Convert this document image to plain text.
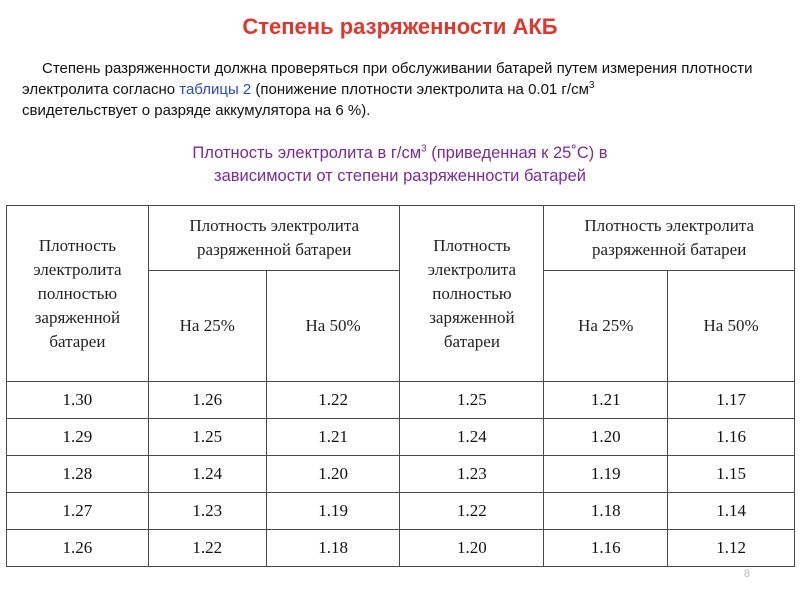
Степень разряженности АКБ
Степень разряженности должна проверяться при обслуживании батарей путем измерения плотности электролита согласно таблицы 2 (понижение плотности электролита на 0.01 $г/см^3$
свидетельствует о разряде аккумулятора на 6 %).
Плотность электролита в $г/см^3$ (приведенная к 25˚С) в
зависимости от степени разряженности батарей
Плотность электролита полностью заряженной батареи	Плотность электролита разряженной батареи		Плотность электролита полностью заряженной батареи	Плотность электролита разряженной батареи	
	На 25%	На 50%		На 25%	На 50%
1.30	1.26	1.22	1.25	1.21	1.17
1.29	1.25	1.21	1.24	1.20	1.16
1.28	1.24	1.20	1.23	1.19	1.15
1.27	1.23	1.19	1.22	1.18	1.14
1.26	1.22	1.18	1.20	1.16	1.12
8
